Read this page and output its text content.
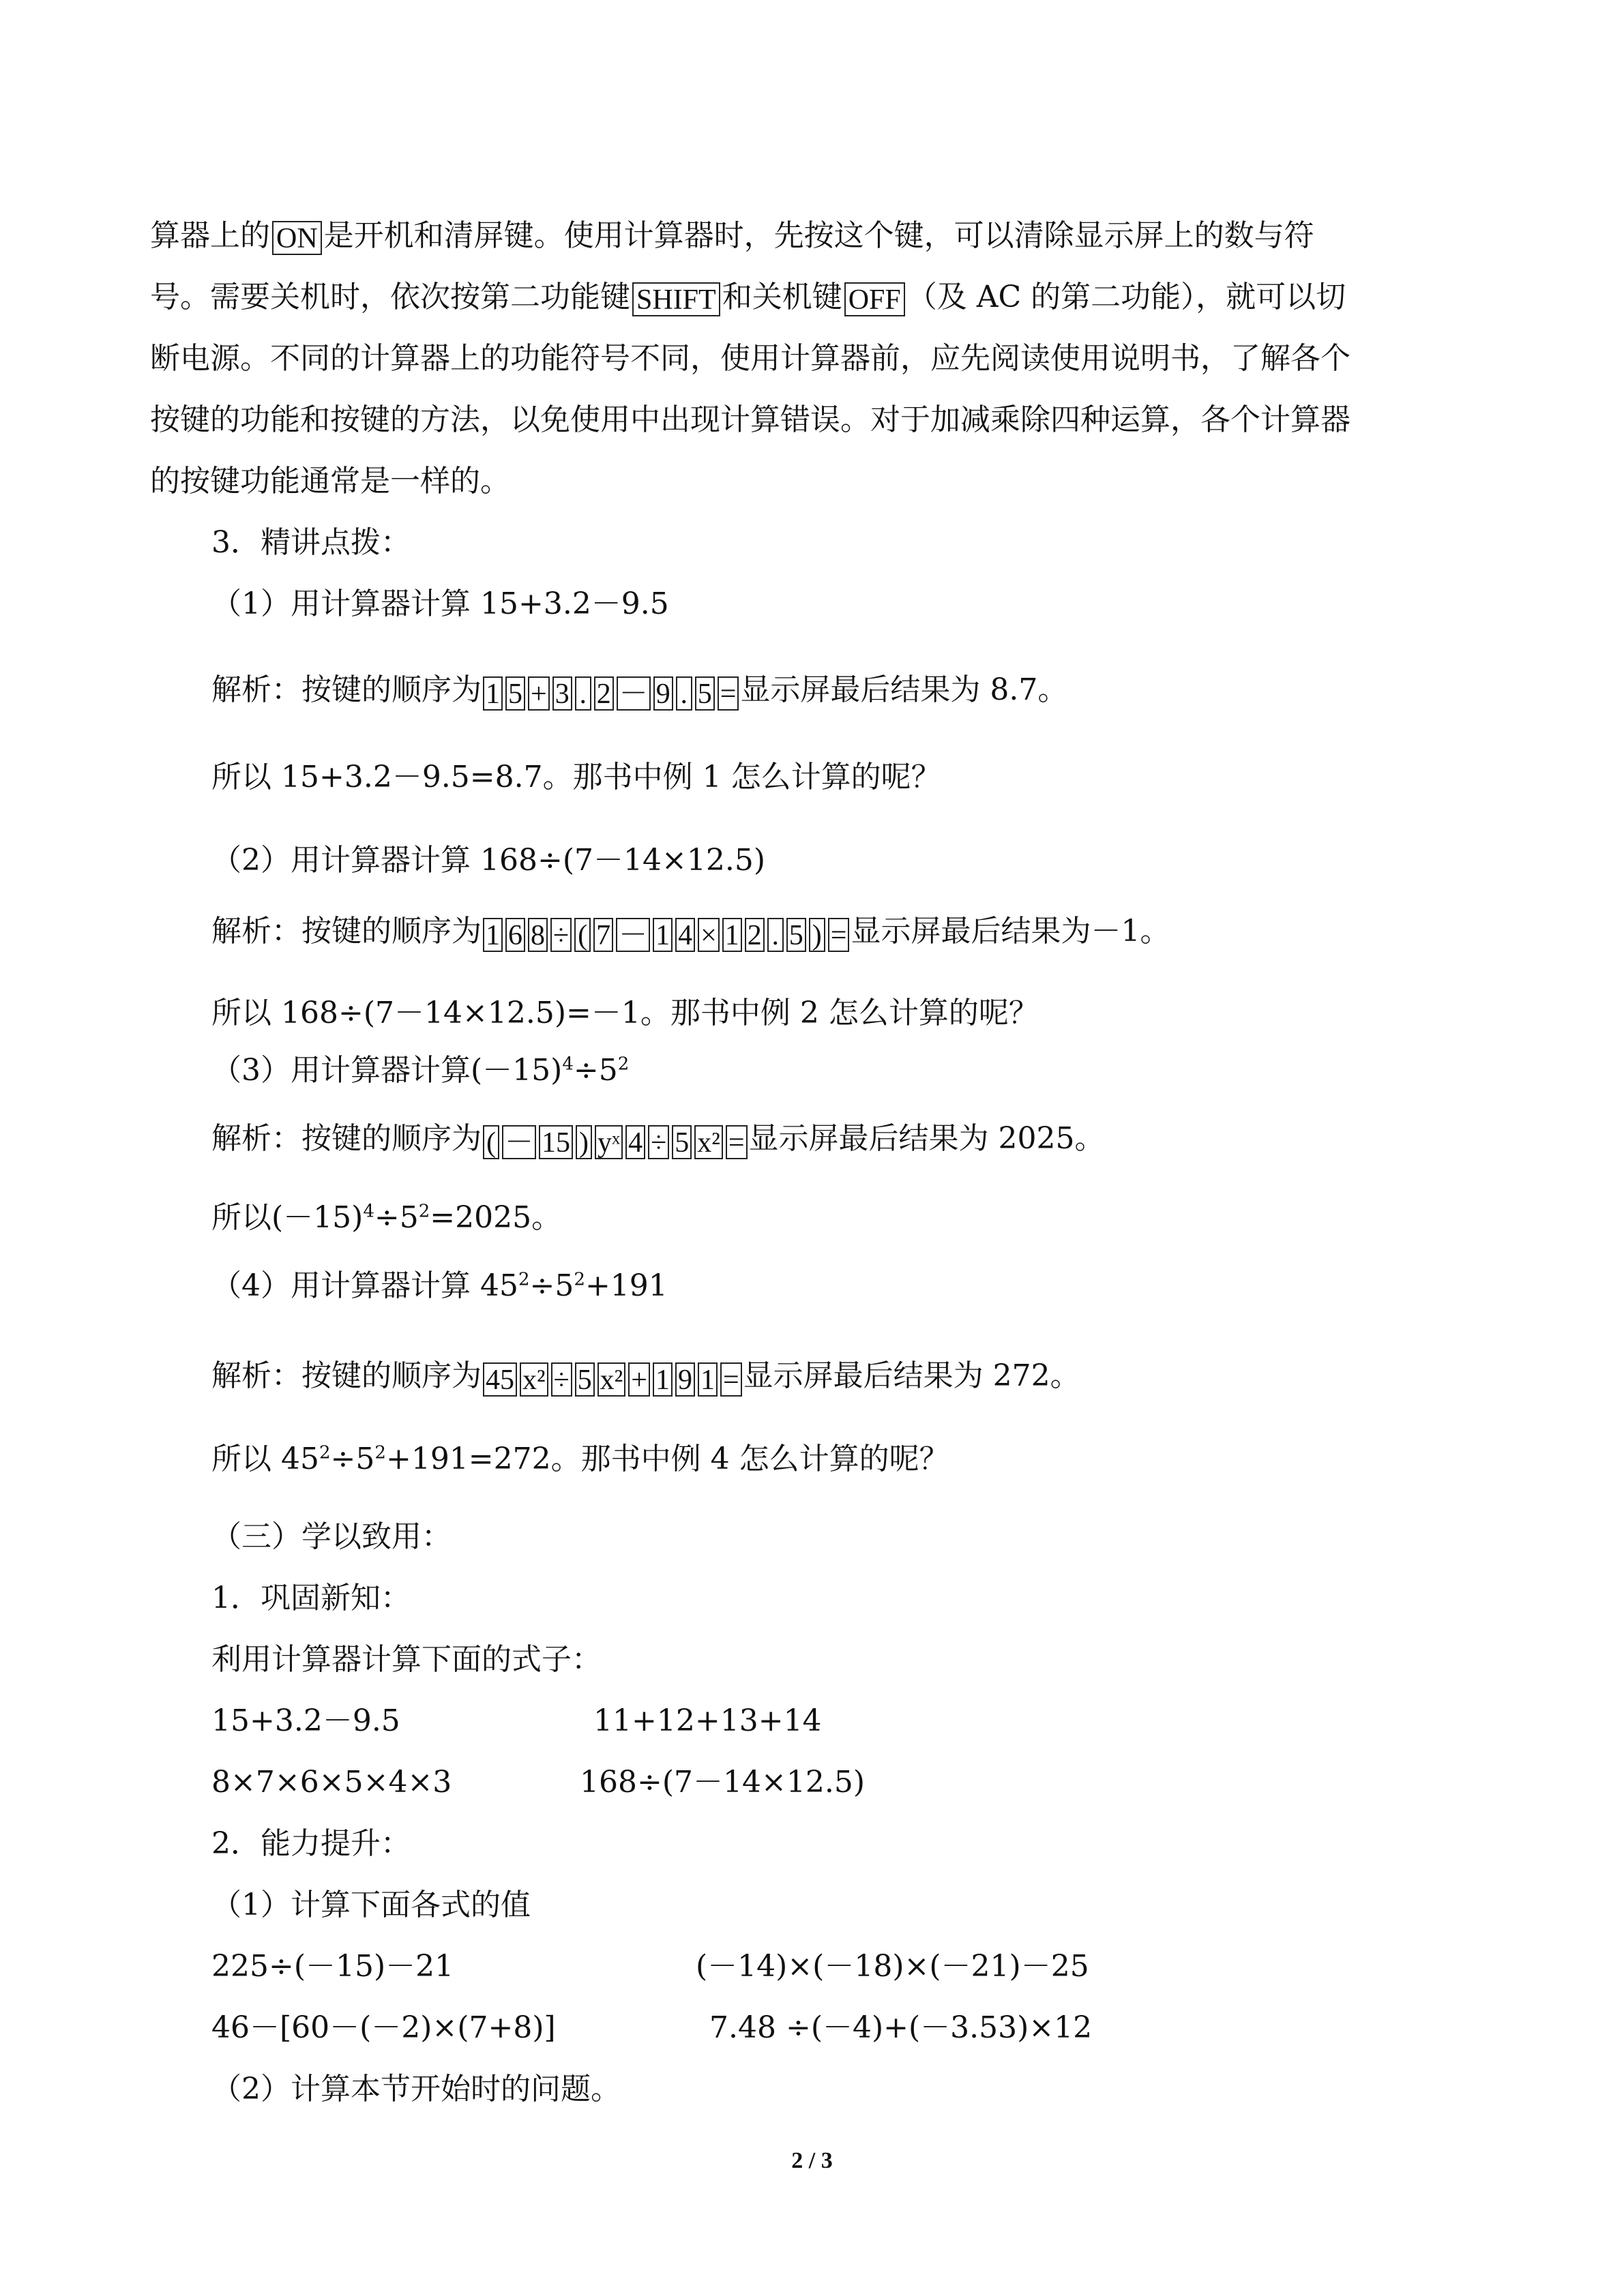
算器上的 ON 是开机和清屏键。使用计算器时，先按这个键，可以清除显示屏上的数与符
号。需要关机时，依次按第二功能键 SHIFT 和关机键 OFF （及 AC 的第二功能），就可以切
断电源。不同的计算器上的功能符号不同，使用计算器前，应先阅读使用说明书，了解各个
按键的功能和按键的方法，以免使用中出现计算错误。对于加减乘除四种运算，各个计算器
的按键功能通常是一样的。
3．精讲点拨：
（1）用计算器计算 15+3.2－9.5
解析：按键的顺序为 1 5 + 3 . 2 － 9 . 5 = 显示屏最后结果为 8.7。
所以 15+3.2－9.5=8.7。那书中例 1 怎么计算的呢？
（2）用计算器计算 168÷(7－14×12.5)
解析：按键的顺序为 1 6 8 ÷ ( 7 － 1 4 × 1 2 . 5 ) = 显示屏最后结果为－1。
所以 168÷(7－14×12.5)=－1。那书中例 2 怎么计算的呢？
（3）用计算器计算$(-15)^4\div 5^2$
解析：按键的顺序为 ( － 15 ) yˣ 4 ÷ 5 x² = 显示屏最后结果为 2025。
所以$(-15)^4\div 5^2=2025$。
（4）用计算器计算 $45^2\div 5^2+191$
解析：按键的顺序为 45 x² ÷ 5 x² + 1 9 1 = 显示屏最后结果为 272。
所以 $45^2\div 5^2+191=272$。那书中例 4 怎么计算的呢？
（三）学以致用：
1．巩固新知：
利用计算器计算下面的式子：
15+3.2－9.5	11+12+13+14
8×7×6×5×4×3	168÷(7－14×12.5)
2．能力提升：
（1）计算下面各式的值
225÷(－15)－21	(－14)×(－18)×(－21)－25
46－[60－(－2)×(7+8)]	7.48 ÷(－4)+(－3.53)×12
（2）计算本节开始时的问题。
2 / 3
